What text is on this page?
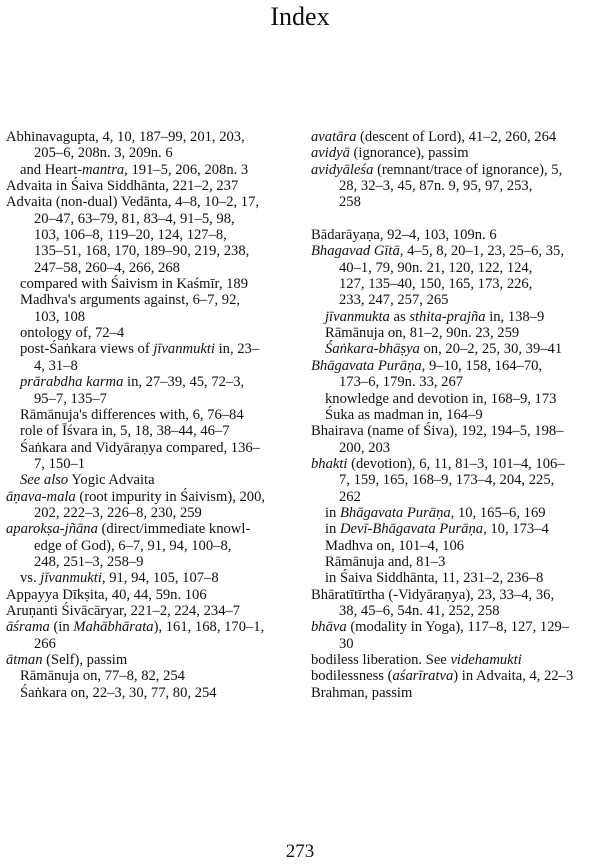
Index
Abhinavagupta, 4, 10, 187–99, 201, 203,
205–6, 208n. 3, 209n. 6
and Heart-mantra, 191–5, 206, 208n. 3
Advaita in Śaiva Siddhānta, 221–2, 237
Advaita (non-dual) Vedānta, 4–8, 10–2, 17,
20–47, 63–79, 81, 83–4, 91–5, 98,
103, 106–8, 119–20, 124, 127–8,
135–51, 168, 170, 189–90, 219, 238,
247–58, 260–4, 266, 268
compared with Śaivism in Kaśmīr, 189
Madhva's arguments against, 6–7, 92,
103, 108
ontology of, 72–4
post-Śaṅkara views of jīvanmukti in, 23–
4, 31–8
prārabdha karma in, 27–39, 45, 72–3,
95–7, 135–7
Rāmānuja's differences with, 6, 76–84
role of Īśvara in, 5, 18, 38–44, 46–7
Śaṅkara and Vidyāraṇya compared, 136–
7, 150–1
See also Yogic Advaita
āṇava-mala (root impurity in Śaivism), 200,
202, 222–3, 226–8, 230, 259
aparokṣa-jñāna (direct/immediate knowl-
edge of God), 6–7, 91, 94, 100–8,
248, 251–3, 258–9
vs. jīvanmukti, 91, 94, 105, 107–8
Appayya Dīkṣita, 40, 44, 59n. 106
Aruṇanti Śivācāryar, 221–2, 224, 234–7
āśrama (in Mahābhārata), 161, 168, 170–1,
266
ātman (Self), passim
Rāmānuja on, 77–8, 82, 254
Śaṅkara on, 22–3, 30, 77, 80, 254
avatāra (descent of Lord), 41–2, 260, 264
avidyā (ignorance), passim
avidyāleśa (remnant/trace of ignorance), 5,
28, 32–3, 45, 87n. 9, 95, 97, 253,
258
Bādarāyaṇa, 92–4, 103, 109n. 6
Bhagavad Gītā, 4–5, 8, 20–1, 23, 25–6, 35,
40–1, 79, 90n. 21, 120, 122, 124,
127, 135–40, 150, 165, 173, 226,
233, 247, 257, 265
jīvanmukta as sthita-prajña in, 138–9
Rāmānuja on, 81–2, 90n. 23, 259
Śaṅkara-bhāṣya on, 20–2, 25, 30, 39–41
Bhāgavata Purāṇa, 9–10, 158, 164–70,
173–6, 179n. 33, 267
knowledge and devotion in, 168–9, 173
Śuka as madman in, 164–9
Bhairava (name of Śiva), 192, 194–5, 198–
200, 203
bhakti (devotion), 6, 11, 81–3, 101–4, 106–
7, 159, 165, 168–9, 173–4, 204, 225,
262
in Bhāgavata Purāṇa, 10, 165–6, 169
in Devī-Bhāgavata Purāṇa, 10, 173–4
Madhva on, 101–4, 106
Rāmānuja and, 81–3
in Śaiva Siddhānta, 11, 231–2, 236–8
Bhāratītīrtha (-Vidyāraṇya), 23, 33–4, 36,
38, 45–6, 54n. 41, 252, 258
bhāva (modality in Yoga), 117–8, 127, 129–
30
bodiless liberation. See videhamukti
bodilessness (aśarīratva) in Advaita, 4, 22–3
Brahman, passim
273
